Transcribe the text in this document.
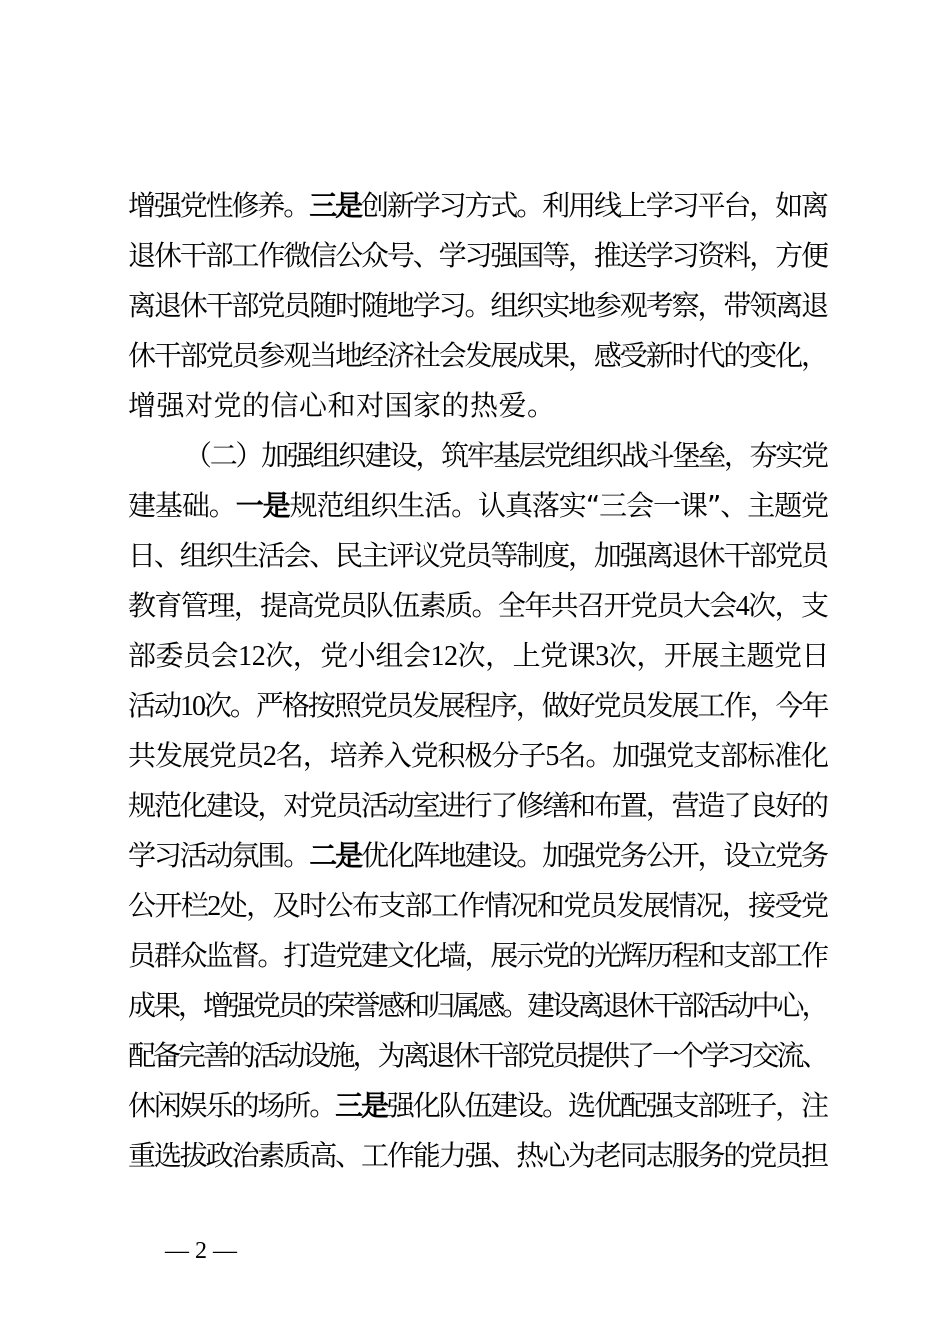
增强党性修养。三是创新学习方式。利用线上学习平台，如离
退休干部工作微信公众号、学习强国等，推送学习资料，方便
离退休干部党员随时随地学习。组织实地参观考察，带领离退
休干部党员参观当地经济社会发展成果，感受新时代的变化，
增强对党的信心和对国家的热爱。
（二）加强组织建设，筑牢基层党组织战斗堡垒，夯实党
建基础。一是规范组织生活。认真落实“三会一课”、主题党
日、组织生活会、民主评议党员等制度，加强离退休干部党员
教育管理，提高党员队伍素质。全年共召开党员大会4次，支
部委员会12次，党小组会12次，上党课3次，开展主题党日
活动10次。严格按照党员发展程序，做好党员发展工作，今年
共发展党员2名，培养入党积极分子5名。加强党支部标准化
规范化建设，对党员活动室进行了修缮和布置，营造了良好的
学习活动氛围。二是优化阵地建设。加强党务公开，设立党务
公开栏2处，及时公布支部工作情况和党员发展情况，接受党
员群众监督。打造党建文化墙，展示党的光辉历程和支部工作
成果，增强党员的荣誉感和归属感。建设离退休干部活动中心，
配备完善的活动设施，为离退休干部党员提供了一个学习交流、
休闲娱乐的场所。三是强化队伍建设。选优配强支部班子，注
重选拔政治素质高、工作能力强、热心为老同志服务的党员担
— 2 —
